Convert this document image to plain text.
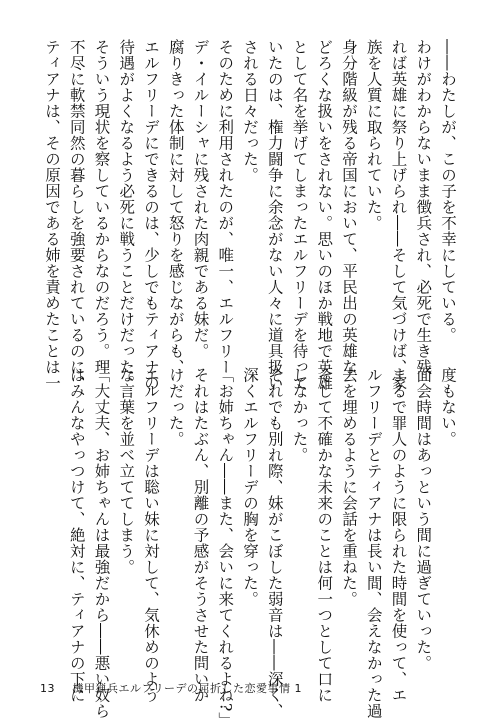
――わたしが、この子を不幸にしている。
わけがわからないまま徴兵され、必死で生き残
れば英雄に祭り上げられ――そして気づけば、家
族を人質に取られていた。
身分階級が残る帝国において、平民出の英雄な
どろくな扱いをされない。思いのほか戦地で英雄
として名を挙げてしまったエルフリーデを待って
いたのは、権力闘争に余念がない人々に道具扱い
される日々だった。
そのために利用されたのが、唯一、エルフリー
デ・イルーシャに残された肉親である妹だ。
腐りきった体制に対して怒りを感じながらも、
エルフリーデにできるのは、少しでもティアナの
待遇がよくなるよう必死に戦うことだけだった。
そういう現状を察しているからなのだろう。理
不尽に軟禁同然の暮らしを強要されているのに、
ティアナは、その原因である姉を責めたことは一
度もない。
面会時間はあっという間に過ぎていった。
まるで罪人のように限られた時間を使って、エ
ルフリーデとティアナは長い間、会えなかった過
去を埋めるように会話を重ねた。
そして不確かな未来のことは何一つとして口に
しなかった。
それでも別れ際、妹がこぼした弱音は――深く、
深くエルフリーデの胸を穿った。
「お姉ちゃん――また、会いに来てくれるよね?」
それはたぶん、別離の予感がそうさせた問いか
けだった。
エルフリーデは聡い妹に対して、気休めのよう
な言葉を並べ立ててしまう。
「大丈夫、お姉ちゃんは最強だから――悪い奴ら
はみんなやっつけて、絶対に、ティアナの下に
13 機甲猟兵エルフリーデの屈折した恋愛事情 1
